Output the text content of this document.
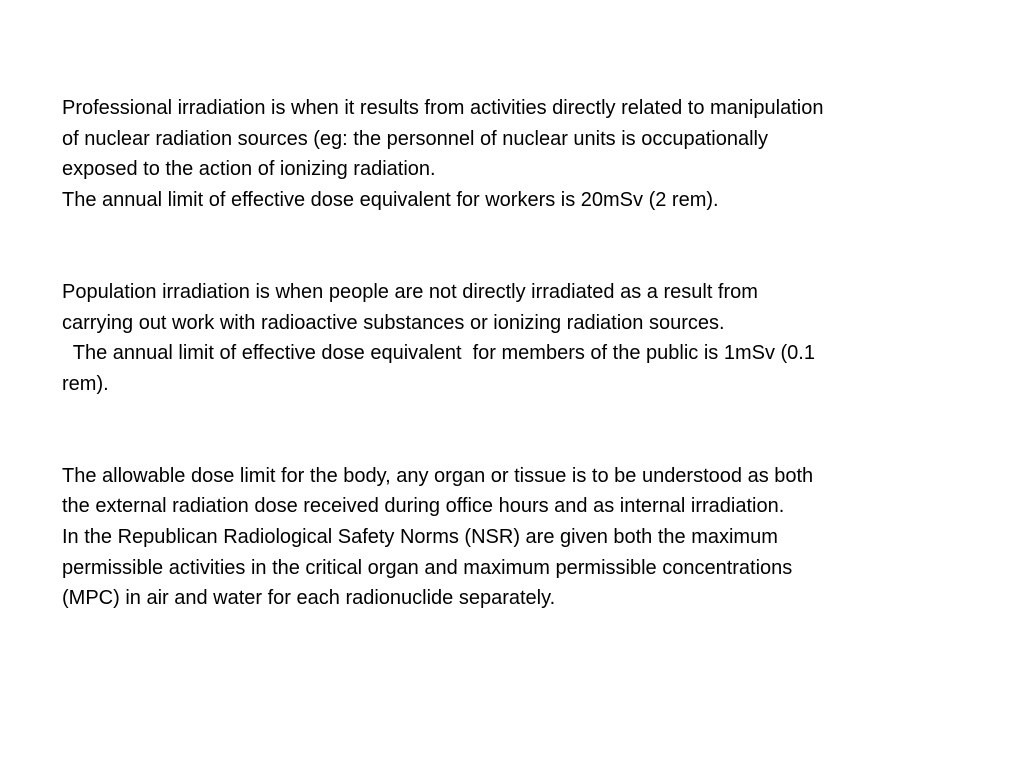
Professional irradiation is when it results from activities directly related to manipulation
of nuclear radiation sources (eg: the personnel of nuclear units is occupationally
exposed to the action of ionizing radiation.
The annual limit of effective dose equivalent for workers is 20mSv (2 rem).

Population irradiation is when people are not directly irradiated as a result from
carrying out work with radioactive substances or ionizing radiation sources.
The annual limit of effective dose equivalent  for members of the public is 1mSv (0.1
rem).

The allowable dose limit for the body, any organ or tissue is to be understood as both
the external radiation dose received during office hours and as internal irradiation.
In the Republican Radiological Safety Norms (NSR) are given both the maximum
permissible activities in the critical organ and maximum permissible concentrations
(MPC) in air and water for each radionuclide separately.
